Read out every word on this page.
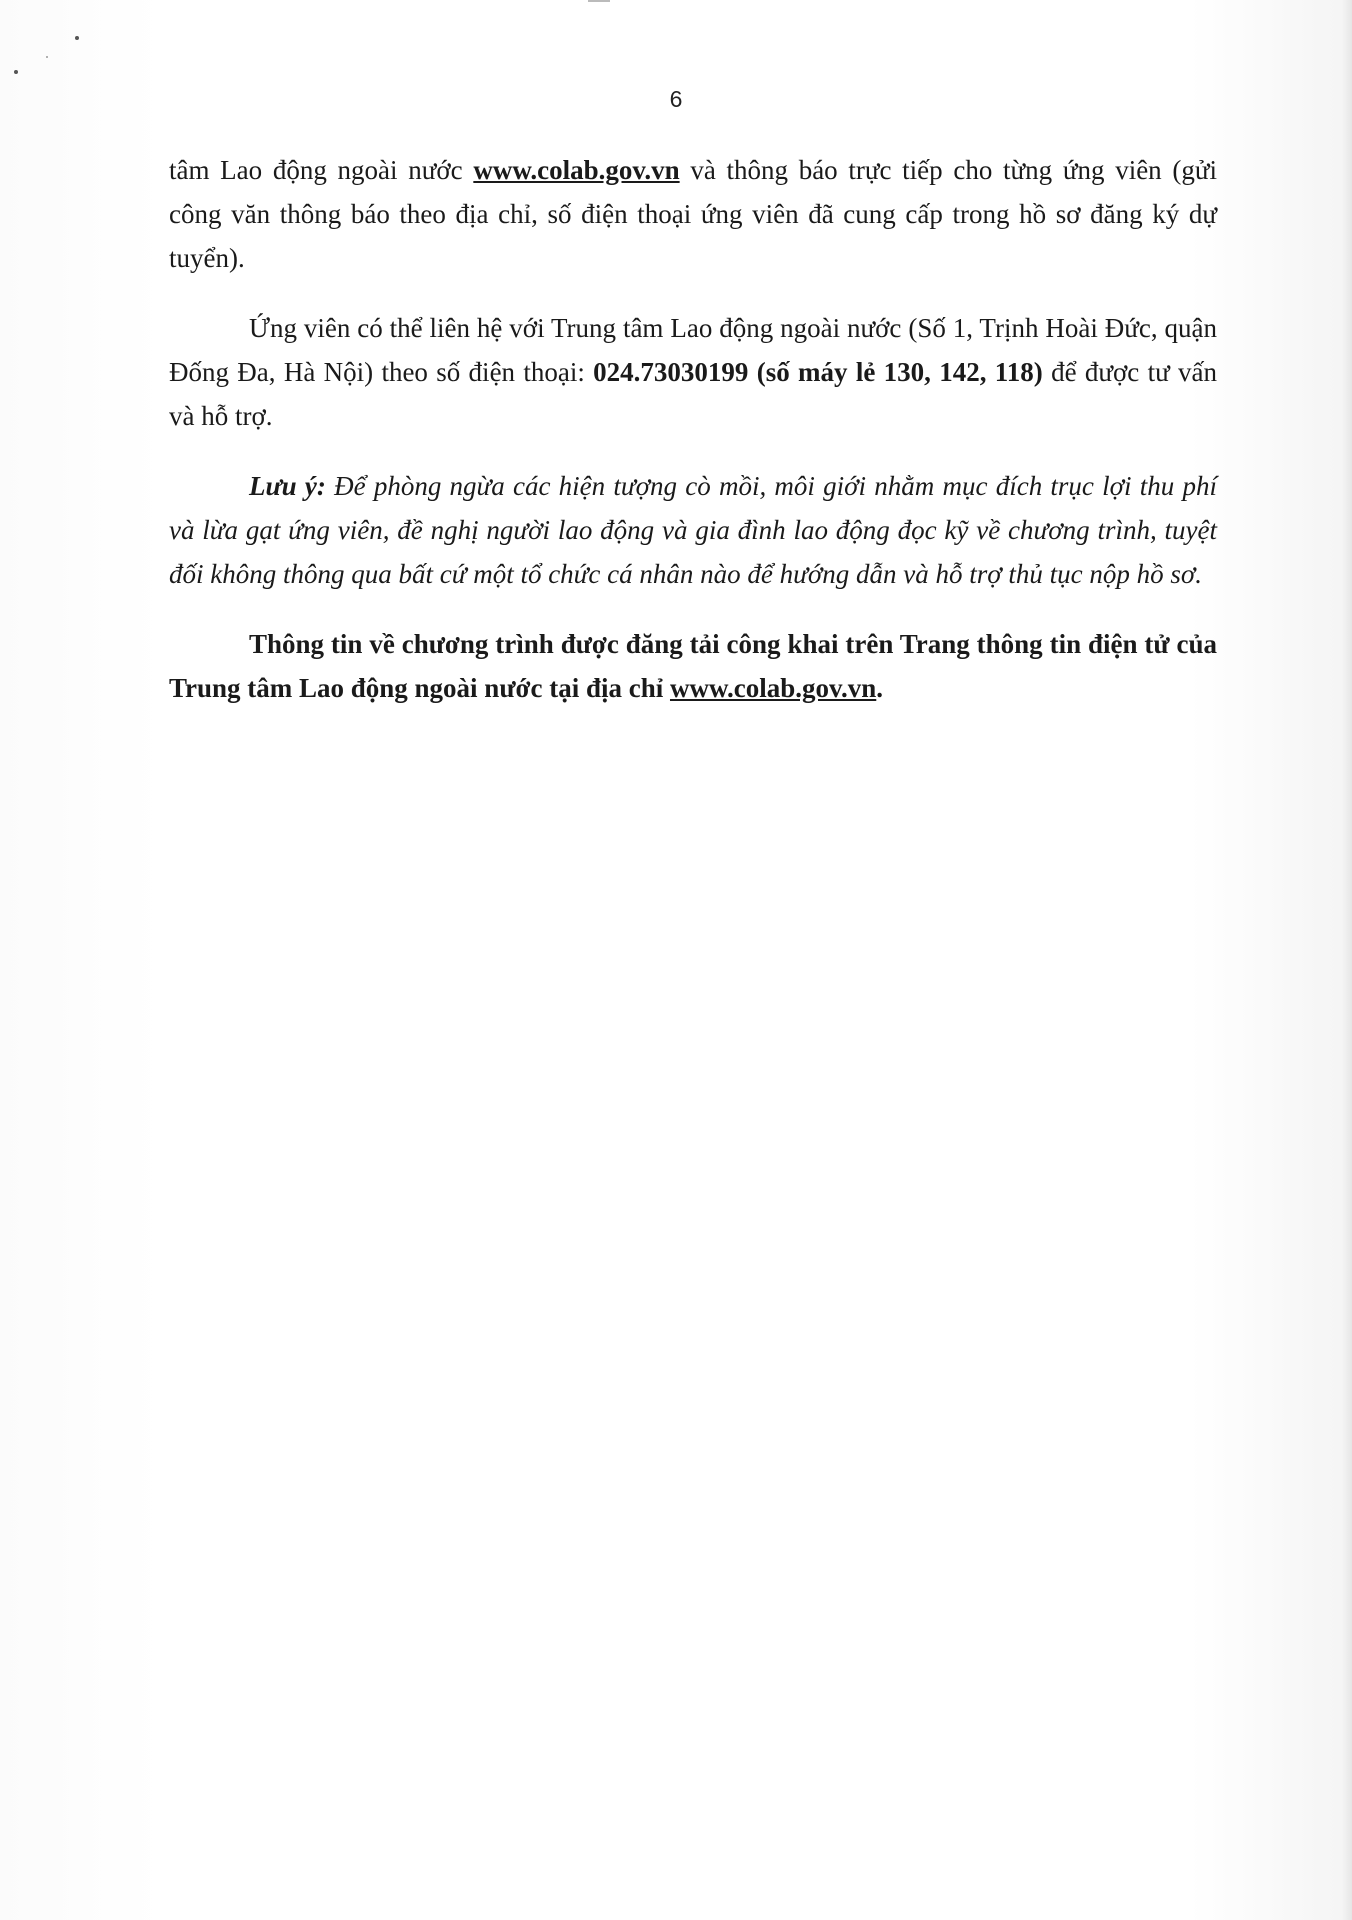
6

tâm Lao động ngoài nước www.colab.gov.vn và thông báo trực tiếp cho từng ứng viên (gửi công văn thông báo theo địa chỉ, số điện thoại ứng viên đã cung cấp trong hồ sơ đăng ký dự tuyển).

Ứng viên có thể liên hệ với Trung tâm Lao động ngoài nước (Số 1, Trịnh Hoài Đức, quận Đống Đa, Hà Nội) theo số điện thoại: 024.73030199 (số máy lẻ 130, 142, 118) để được tư vấn và hỗ trợ.

Lưu ý: Để phòng ngừa các hiện tượng cò mồi, môi giới nhằm mục đích trục lợi thu phí và lừa gạt ứng viên, đề nghị người lao động và gia đình lao động đọc kỹ về chương trình, tuyệt đối không thông qua bất cứ một tổ chức cá nhân nào để hướng dẫn và hỗ trợ thủ tục nộp hồ sơ.

Thông tin về chương trình được đăng tải công khai trên Trang thông tin điện tử của Trung tâm Lao động ngoài nước tại địa chỉ www.colab.gov.vn.
